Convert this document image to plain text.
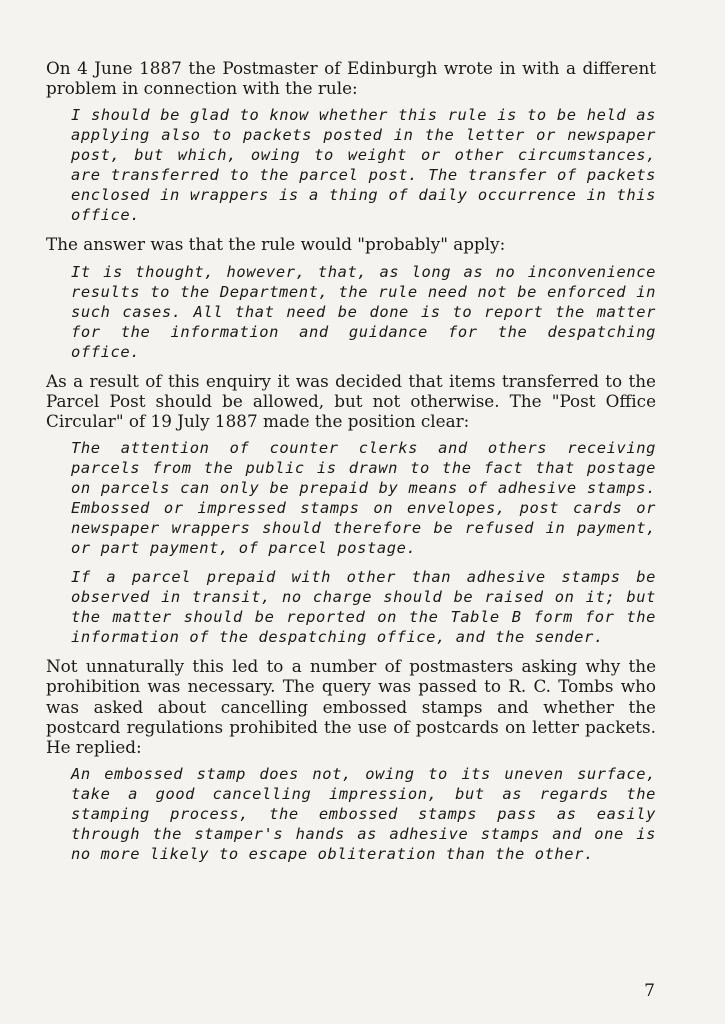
On 4 June 1887 the Postmaster of Edinburgh wrote in with a different problem in connection with the rule:

I should be glad to know whether this rule is to be held as applying also to packets posted in the letter or newspaper post, but which, owing to weight or other circumstances, are transferred to the parcel post. The transfer of packets enclosed in wrappers is a thing of daily occurrence in this office.

The answer was that the rule would "probably" apply:

It is thought, however, that, as long as no inconvenience results to the Department, the rule need not be enforced in such cases. All that need be done is to report the matter for the information and guidance for the despatching office.

As a result of this enquiry it was decided that items transferred to the Parcel Post should be allowed, but not otherwise. The "Post Office Circular" of 19 July 1887 made the position clear:

The attention of counter clerks and others receiving parcels from the public is drawn to the fact that postage on parcels can only be prepaid by means of adhesive stamps. Embossed or impressed stamps on envelopes, post cards or newspaper wrappers should therefore be refused in payment, or part payment, of parcel postage.

If a parcel prepaid with other than adhesive stamps be observed in transit, no charge should be raised on it; but the matter should be reported on the Table B form for the information of the despatching office, and the sender.

Not unnaturally this led to a number of postmasters asking why the prohibition was necessary. The query was passed to R. C. Tombs who was asked about cancelling embossed stamps and whether the postcard regulations prohibited the use of postcards on letter packets. He replied:

An embossed stamp does not, owing to its uneven surface, take a good cancelling impression, but as regards the stamping process, the embossed stamps pass as easily through the stamper's hands as adhesive stamps and one is no more likely to escape obliteration than the other.

7
